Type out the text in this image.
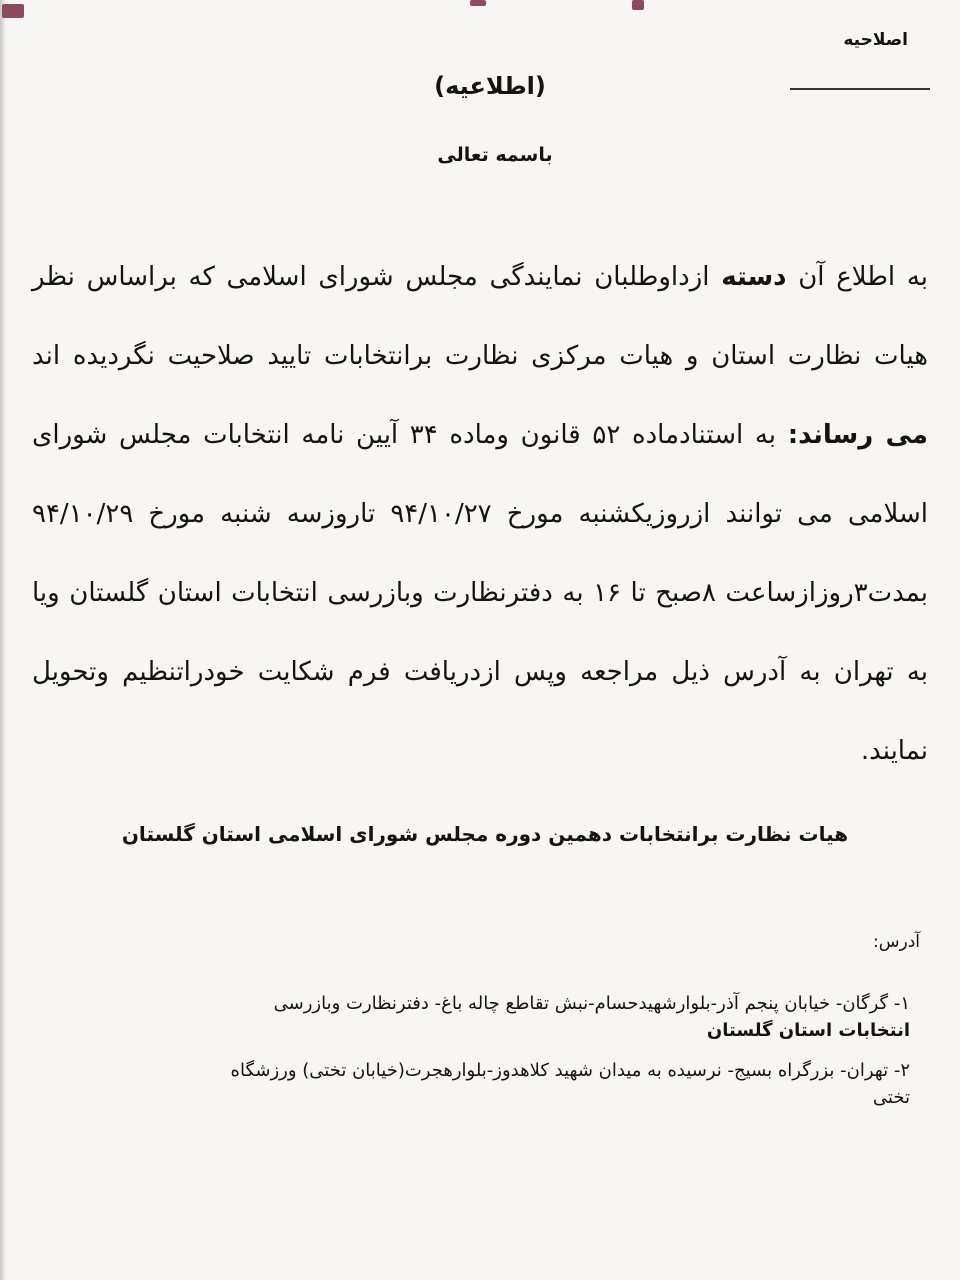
اصلاحیه
(اطلاعیه)
باسمه تعالی
به اطلاع آن دسته ازداوطلبان نمایندگی مجلس شورای اسلامی که براساس نظر هیات نظارت استان و هیات مرکزی نظارت برانتخابات تایید صلاحیت نگردیده اند می رساند: به استنادماده ۵۲ قانون وماده ۳۴ آیین نامه انتخابات مجلس شورای اسلامی می توانند ازروزیکشنبه مورخ ۹۴/۱۰/۲۷ تاروزسه شنبه مورخ ۹۴/۱۰/۲۹ بمدت۳روزازساعت ۸صبح تا ۱۶ به دفترنظارت وبازرسی انتخابات استان گلستان ویا به تهران به آدرس ذیل مراجعه وپس ازدریافت فرم شکایت خودراتنظیم وتحویل نمایند.
هیات نظارت برانتخابات دهمین دوره مجلس شورای اسلامی استان گلستان
آدرس:
۱- گرگان- خیابان پنجم آذر-بلوارشهیدحسام-نبش تقاطع چاله باغ- دفترنظارت وبازرسی
انتخابات استان گلستان
۲- تهران- بزرگراه بسیج- نرسیده به میدان شهید کلاهدوز-بلوارهجرت(خیابان تختی) ورزشگاه
تختی
